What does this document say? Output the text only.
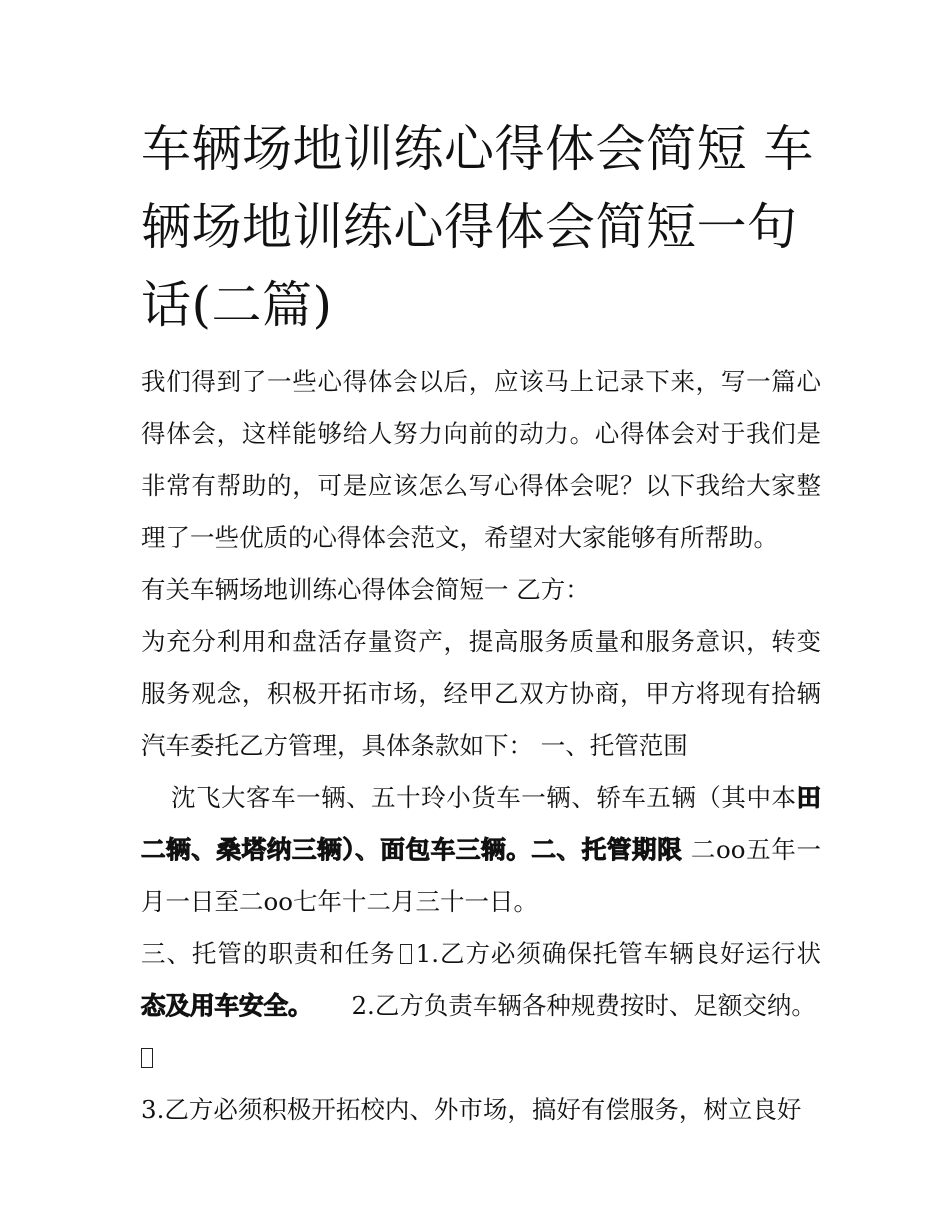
车辆场地训练心得体会简短 车辆场地训练心得体会简短一句话(二篇)

我们得到了一些心得体会以后，应该马上记录下来，写一篇心得体会，这样能够给人努力向前的动力。心得体会对于我们是非常有帮助的，可是应该怎么写心得体会呢？以下我给大家整理了一些优质的心得体会范文，希望对大家能够有所帮助。

有关车辆场地训练心得体会简短一 乙方：

为充分利用和盘活存量资产，提高服务质量和服务意识，转变服务观念，积极开拓市场，经甲乙双方协商，甲方将现有拾辆汽车委托乙方管理，具体条款如下： 一、托管范围

沈飞大客车一辆、五十玲小货车一辆、轿车五辆（其中本田二辆、桑塔纳三辆）、面包车三辆。二、托管期限 二oo五年一月一日至二oo七年十二月三十一日。

三、托管的职责和任务 1.乙方必须确保托管车辆良好运行状态及用车安全。 2.乙方负责车辆各种规费按时、足额交纳。

3.乙方必须积极开拓校内、外市场，搞好有偿服务，树立良好
